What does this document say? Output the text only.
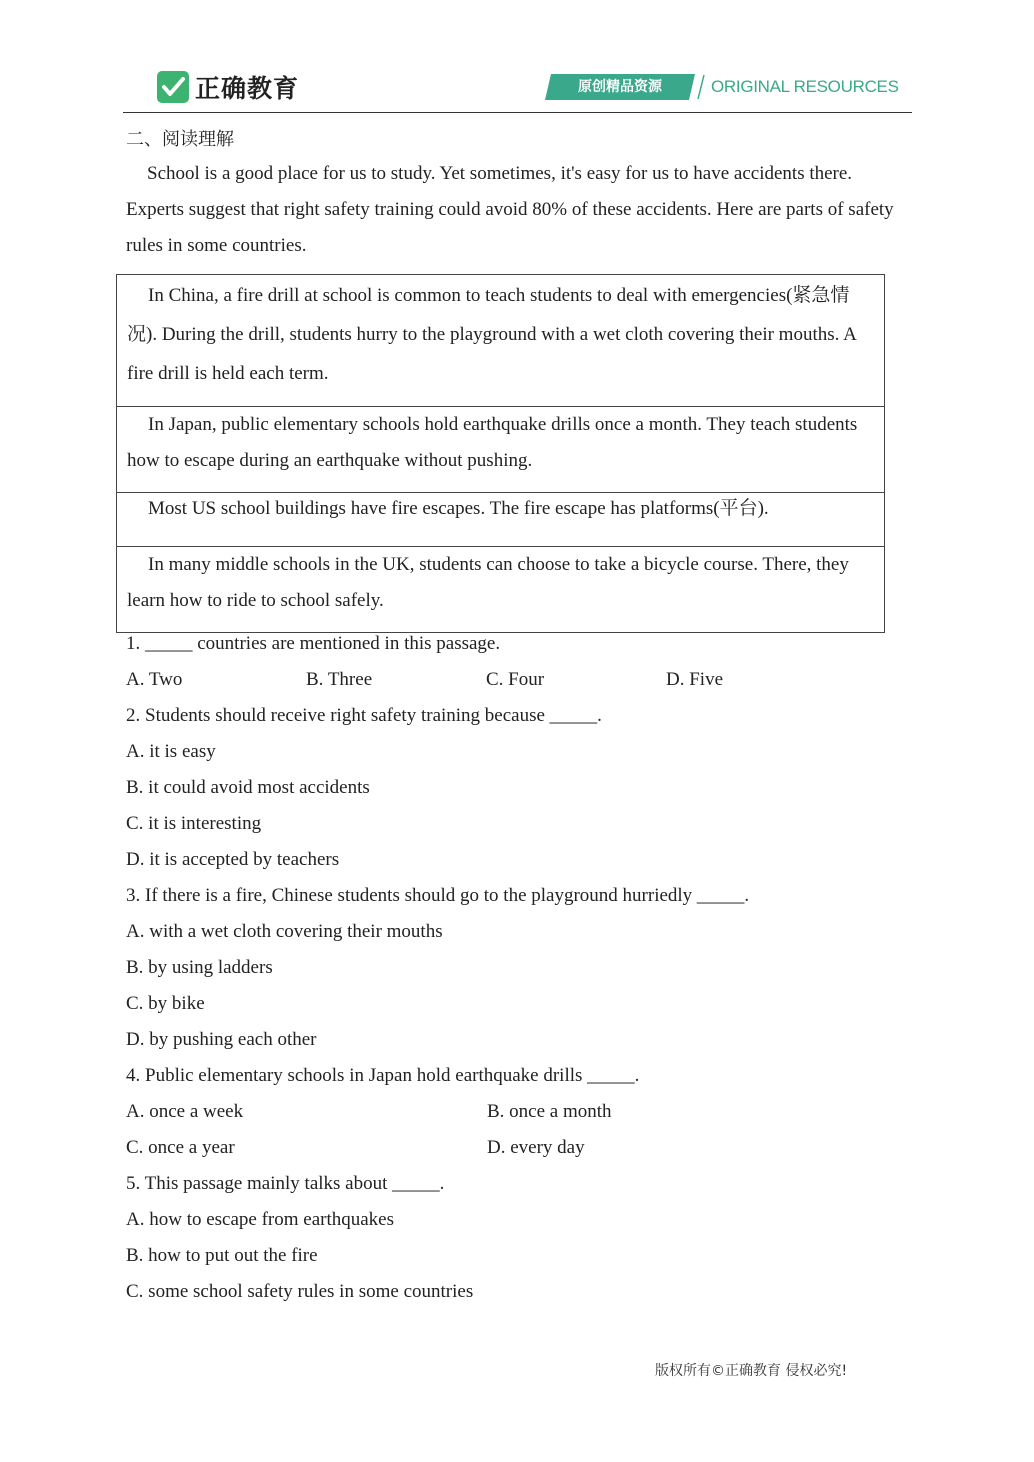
正确教育	原创精品资源	ORIGINAL RESOURCES
二、阅读理解

School is a good place for us to study. Yet sometimes, it's easy for us to have accidents there. Experts suggest that right safety training could avoid 80% of these accidents. Here are parts of safety rules in some countries.

In China, a fire drill at school is common to teach students to deal with emergencies(紧急情况). During the drill, students hurry to the playground with a wet cloth covering their mouths. A fire drill is held each term.

In Japan, public elementary schools hold earthquake drills once a month. They teach students how to escape during an earthquake without pushing.

Most US school buildings have fire escapes. The fire escape has platforms(平台).

In many middle schools in the UK, students can choose to take a bicycle course. There, they learn how to ride to school safely.

1. _____ countries are mentioned in this passage.

A. Two	B. Three	C. Four	D. Five

2. Students should receive right safety training because _____.

A. it is easy

B. it could avoid most accidents

C. it is interesting

D. it is accepted by teachers

3. If there is a fire, Chinese students should go to the playground hurriedly _____.

A. with a wet cloth covering their mouths

B. by using ladders

C. by bike

D. by pushing each other

4. Public elementary schools in Japan hold earthquake drills _____.

A. once a week	B. once a month
C. once a year	D. every day

5. This passage mainly talks about _____.

A. how to escape from earthquakes

B. how to put out the fire

C. some school safety rules in some countries

版权所有©正确教育 侵权必究!
